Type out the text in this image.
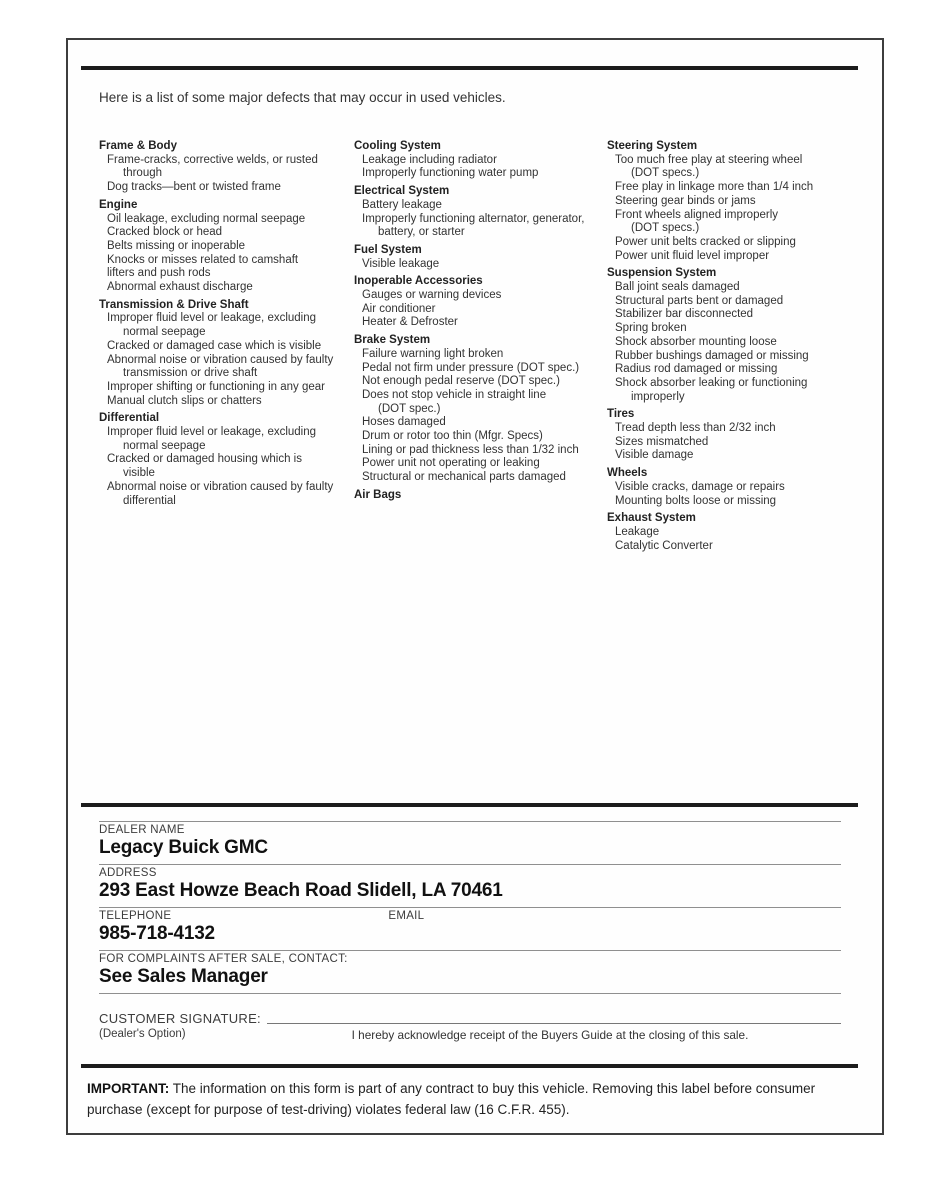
Here is a list of some major defects that may occur in used vehicles.
Frame & Body
Frame-cracks, corrective welds, or rusted
through
Dog tracks—bent or twisted frame
Engine
Oil leakage, excluding normal seepage
Cracked block or head
Belts missing or inoperable
Knocks or misses related to camshaft
lifters and push rods
Abnormal exhaust discharge
Transmission & Drive Shaft
Improper fluid level or leakage, excluding
normal seepage
Cracked or damaged case which is visible
Abnormal noise or vibration caused by faulty
transmission or drive shaft
Improper shifting or functioning in any gear
Manual clutch slips or chatters
Differential
Improper fluid level or leakage, excluding
normal seepage
Cracked or damaged housing which is
visible
Abnormal noise or vibration caused by faulty
differential
Cooling System
Leakage including radiator
Improperly functioning water pump
Electrical System
Battery leakage
Improperly functioning alternator, generator,
battery, or starter
Fuel System
Visible leakage
Inoperable Accessories
Gauges or warning devices
Air conditioner
Heater & Defroster
Brake System
Failure warning light broken
Pedal not firm under pressure (DOT spec.)
Not enough pedal reserve (DOT spec.)
Does not stop vehicle in straight line
(DOT spec.)
Hoses damaged
Drum or rotor too thin (Mfgr. Specs)
Lining or pad thickness less than 1/32 inch
Power unit not operating or leaking
Structural or mechanical parts damaged
Air Bags
Steering System
Too much free play at steering wheel
(DOT specs.)
Free play in linkage more than 1/4 inch
Steering gear binds or jams
Front wheels aligned improperly
(DOT specs.)
Power unit belts cracked or slipping
Power unit fluid level improper
Suspension System
Ball joint seals damaged
Structural parts bent or damaged
Stabilizer bar disconnected
Spring broken
Shock absorber mounting loose
Rubber bushings damaged or missing
Radius rod damaged or missing
Shock absorber leaking or functioning
improperly
Tires
Tread depth less than 2/32 inch
Sizes mismatched
Visible damage
Wheels
Visible cracks, damage or repairs
Mounting bolts loose or missing
Exhaust System
Leakage
Catalytic Converter
DEALER NAME
Legacy Buick GMC
ADDRESS
293 East Howze Beach Road Slidell, LA 70461
TELEPHONE	EMAIL
985-718-4132
FOR COMPLAINTS AFTER SALE, CONTACT:
See Sales Manager
CUSTOMER SIGNATURE:
(Dealer's Option)	I hereby acknowledge receipt of the Buyers Guide at the closing of this sale.
IMPORTANT: The information on this form is part of any contract to buy this vehicle. Removing this label before consumer purchase (except for purpose of test-driving) violates federal law (16 C.F.R. 455).
